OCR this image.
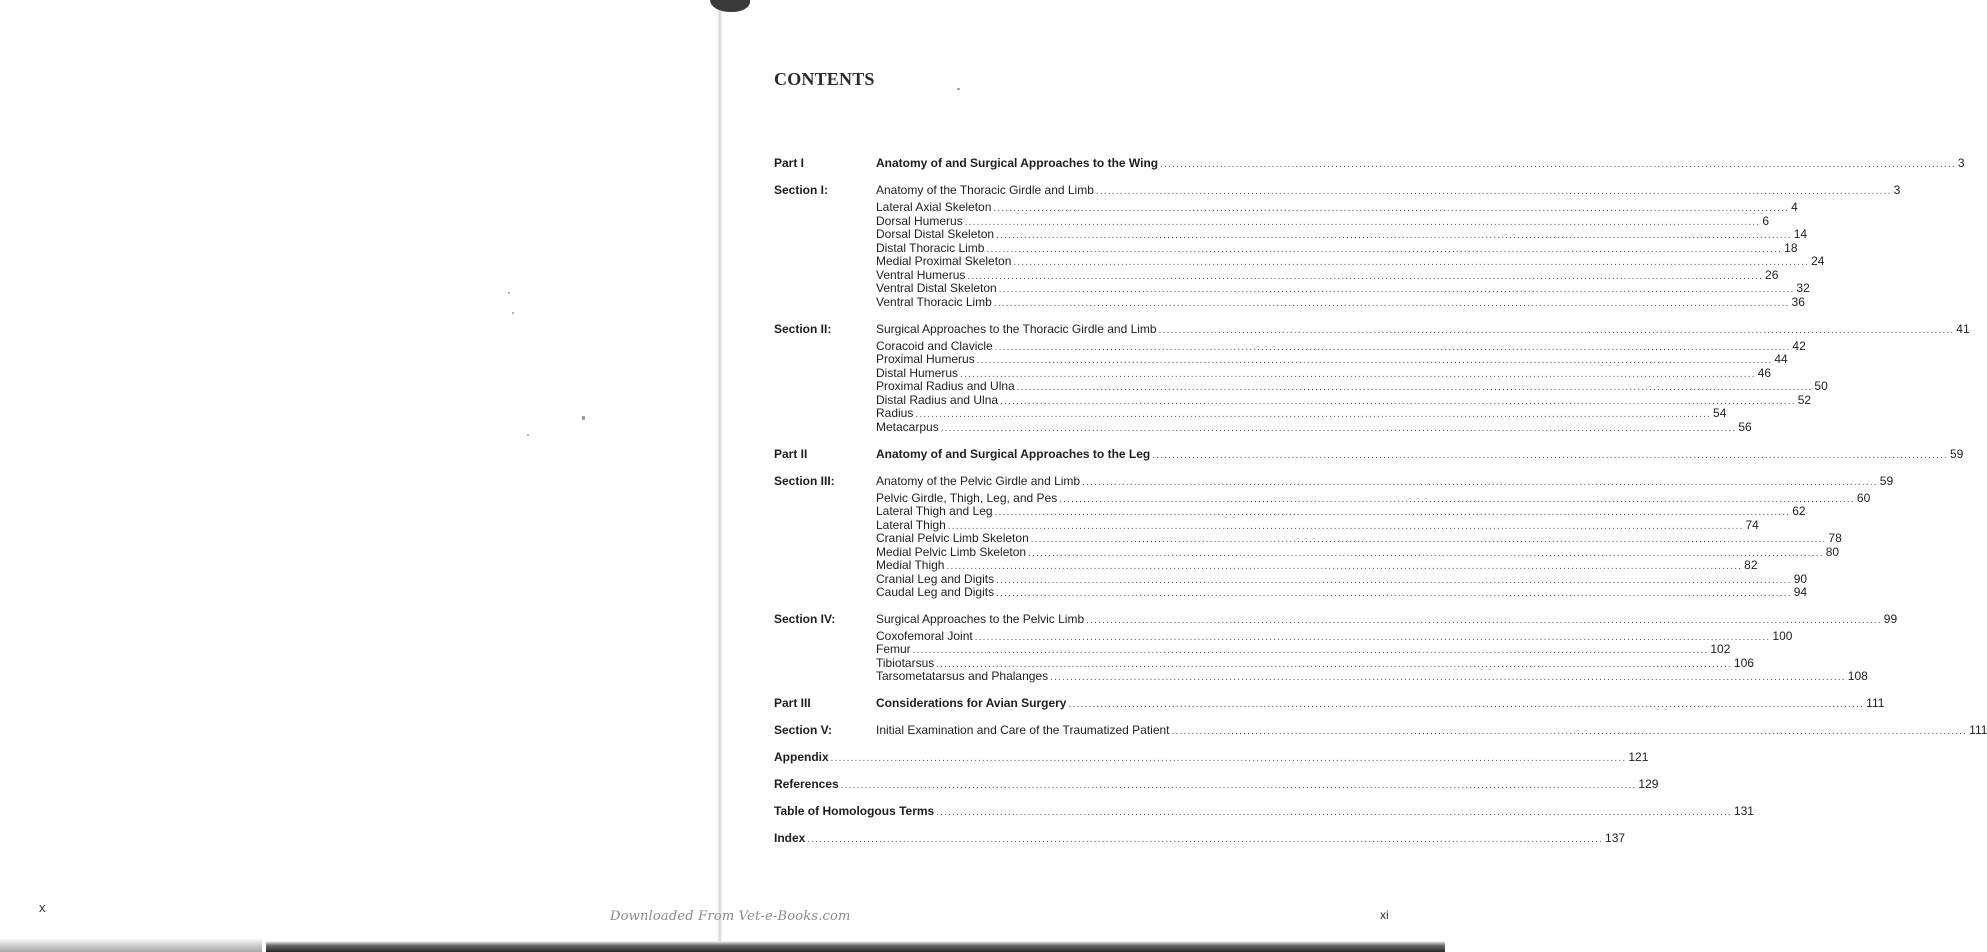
x
CONTENTS
Part I	Anatomy of and Surgical Approaches to the Wing ........................................................................................................................................................................................................ 3
Section I:	Anatomy of the Thoracic Girdle and Limb ........................................................................................................................................................................................................ 3
Lateral Axial Skeleton ........................................................................................................................................................................................................ 4
Dorsal Humerus ........................................................................................................................................................................................................ 6
Dorsal Distal Skeleton ........................................................................................................................................................................................................ 14
Distal Thoracic Limb ........................................................................................................................................................................................................ 18
Medial Proximal Skeleton ........................................................................................................................................................................................................ 24
Ventral Humerus ........................................................................................................................................................................................................ 26
Ventral Distal Skeleton ........................................................................................................................................................................................................ 32
Ventral Thoracic Limb ........................................................................................................................................................................................................ 36
Section II:	Surgical Approaches to the Thoracic Girdle and Limb ........................................................................................................................................................................................................ 41
Coracoid and Clavicle ........................................................................................................................................................................................................ 42
Proximal Humerus ........................................................................................................................................................................................................ 44
Distal Humerus ........................................................................................................................................................................................................ 46
Proximal Radius and Ulna ........................................................................................................................................................................................................ 50
Distal Radius and Ulna ........................................................................................................................................................................................................ 52
Radius ........................................................................................................................................................................................................ 54
Metacarpus ........................................................................................................................................................................................................ 56
Part II	Anatomy of and Surgical Approaches to the Leg ........................................................................................................................................................................................................ 59
Section III:	Anatomy of the Pelvic Girdle and Limb ........................................................................................................................................................................................................ 59
Pelvic Girdle, Thigh, Leg, and Pes ........................................................................................................................................................................................................ 60
Lateral Thigh and Leg ........................................................................................................................................................................................................ 62
Lateral Thigh ........................................................................................................................................................................................................ 74
Cranial Pelvic Limb Skeleton ........................................................................................................................................................................................................ 78
Medial Pelvic Limb Skeleton ........................................................................................................................................................................................................ 80
Medial Thigh ........................................................................................................................................................................................................ 82
Cranial Leg and Digits ........................................................................................................................................................................................................ 90
Caudal Leg and Digits ........................................................................................................................................................................................................ 94
Section IV:	Surgical Approaches to the Pelvic Limb ........................................................................................................................................................................................................ 99
Coxofemoral Joint ........................................................................................................................................................................................................ 100
Femur ........................................................................................................................................................................................................ 102
Tibiotarsus ........................................................................................................................................................................................................ 106
Tarsometatarsus and Phalanges ........................................................................................................................................................................................................ 108
Part III	Considerations for Avian Surgery ........................................................................................................................................................................................................ 111
Section V:	Initial Examination and Care of the Traumatized Patient ........................................................................................................................................................................................................ 111
Appendix ........................................................................................................................................................................................................ 121
References ........................................................................................................................................................................................................ 129
Table of Homologous Terms ........................................................................................................................................................................................................ 131
Index ........................................................................................................................................................................................................ 137
Downloaded From Vet-e-Books.com	xi
